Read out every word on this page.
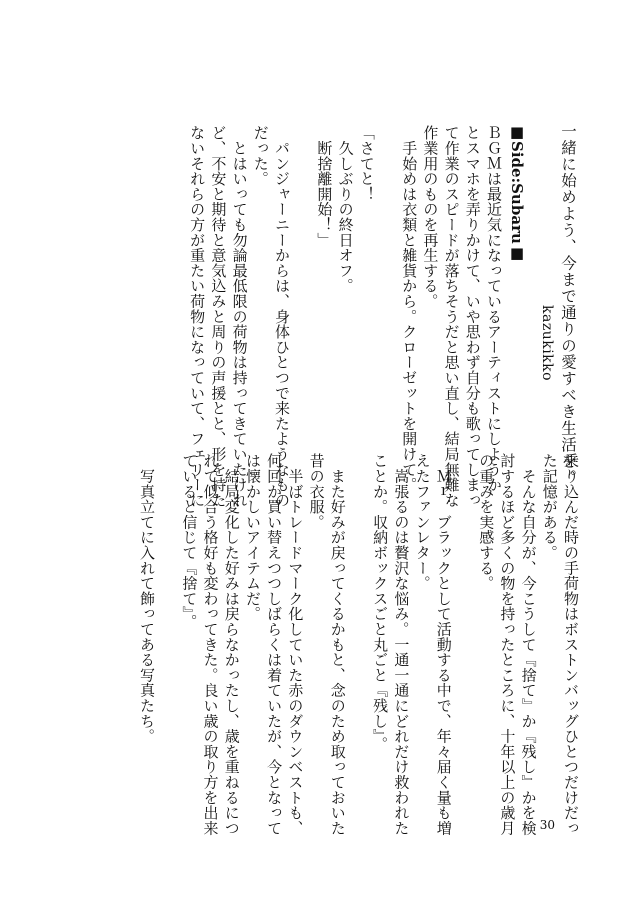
一緒に始めよう、今まで通りの愛すべき生活を。
kazukikko
■Side:Subaru■
ＢＧＭは最近気になっているアーティストにしようか
とスマホを弄りかけて、いや思わず自分も歌ってしまっ
て作業のスピードが落ちそうだと思い直し、結局無難な
作業用のものを再生する。
　手始めは衣類と雑貨から。クローゼットを開けて。

「さてと！
　久しぶりの終日オフ。
　断捨離開始！」

　パンジャーニーからは、身体ひとつで来たようなもの
だった。
　とはいっても勿論最低限の荷物は持ってきていたけれ
ど、不安と期待と意気込みと周りの声援とと、形を持た
ないそれらの方が重たい荷物になっていて、フェリーに
乗り込んだ時の手荷物はボストンバッグひとつだけだっ
た記憶がある。
　そんな自分が、今こうして『捨て』か『残し』かを検
討するほど多くの物を持ったところに、十年以上の歳月
の重みを実感する。

　Ｍｒ．ブラックとして活動する中で、年々届く量も増
えたファンレター。
　嵩張るのは贅沢な悩み。一通一通にどれだけ救われた
ことか。収納ボックスごと丸ごと『残し』。

　また好みが戻ってくるかもと、念のため取っておいた
昔の衣服。
　半ばトレードマーク化していた赤のダウンベストも、
何回か買い替えつつしばらくは着ていたが、今となって
は懐かしいアイテムだ。
　結局変化した好みは戻らなかったし、歳を重ねるにつ
れて似合う格好も変わってきた。良い歳の取り方を出来
ていると信じて『捨て』。

　写真立てに入れて飾ってある写真たち。
30
